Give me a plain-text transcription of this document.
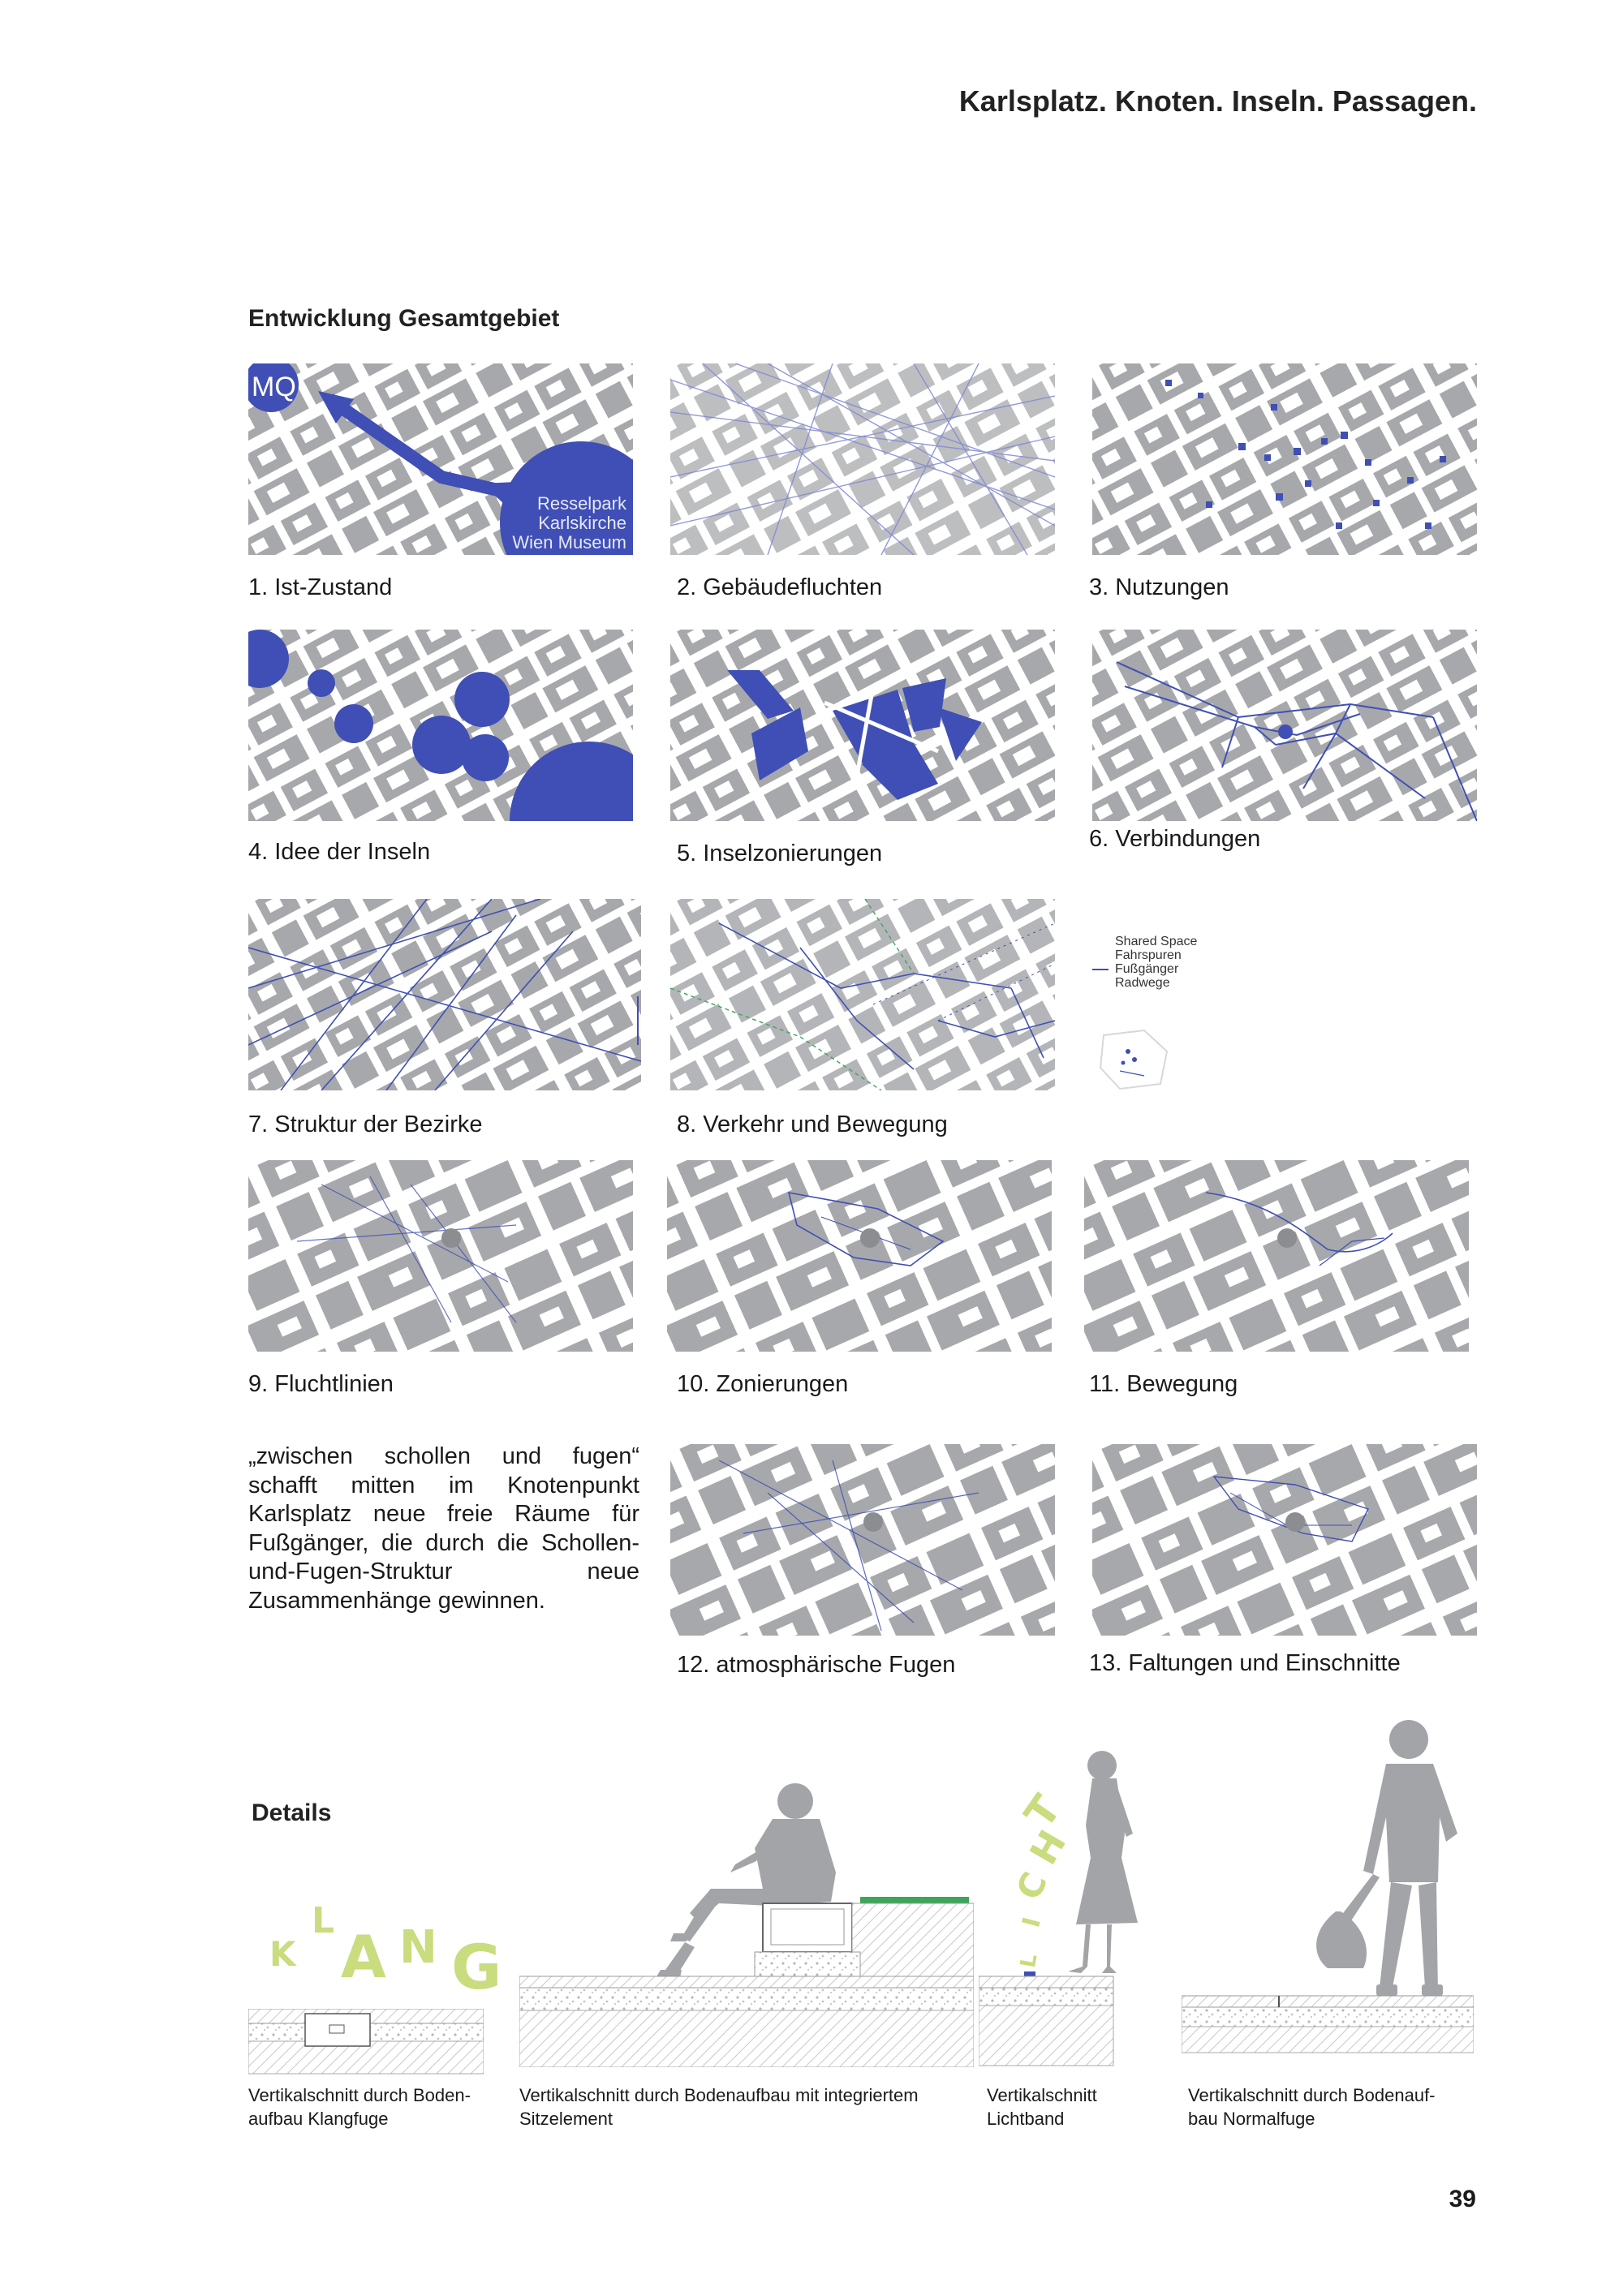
Karlsplatz. Knoten. Inseln. Passagen.
Entwicklung Gesamtgebiet
MQ
Resselpark
Karlskirche
Wien Museum
1. Ist-Zustand	2. Gebäudefluchten	3. Nutzungen
4. Idee der Inseln	5. Inselzonierungen
6. Verbindungen
Shared Space
Fahrspuren
Fußgänger
Radwege
7. Struktur der Bezirke	8. Verkehr und Bewegung
9. Fluchtlinien	10. Zonierungen	11. Bewegung
„zwischen schollen und fugen“ schafft mitten im Knotenpunkt Karlsplatz neue freie Räume für Fußgänger, die durch die Schollen- und-Fugen-Struktur neue Zusammenhänge gewinnen.
12. atmosphärische Fugen	13. Faltungen und Einschnitte
Details
K
L
A N G	L
I
C
H
T
Vertikalschnitt durch Boden-
aufbau Klangfuge
Vertikalschnitt durch Bodenaufbau mit integriertem
Sitzelement
Vertikalschnitt
Lichtband
Vertikalschnitt durch Bodenauf-
bau Normalfuge
39
